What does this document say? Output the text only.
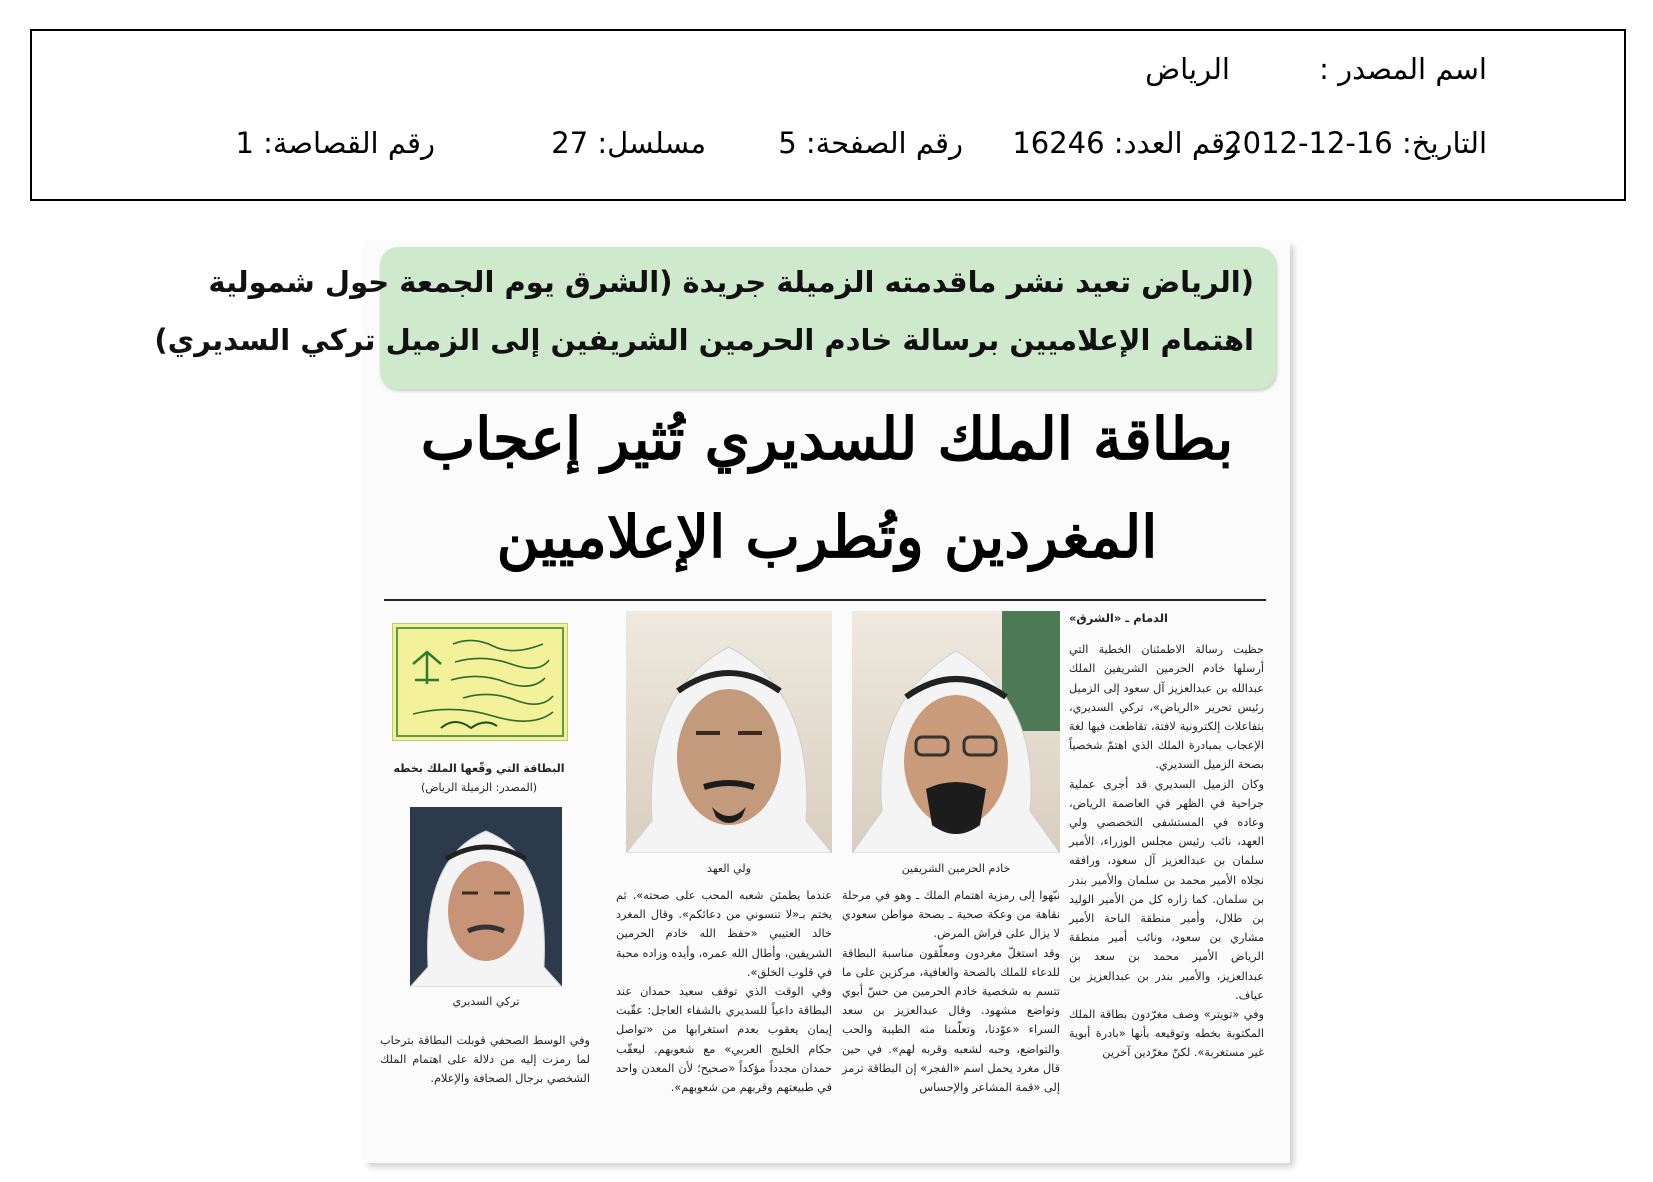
اسم المصدر :
الرياض
التاريخ: 16-12-2012
رقم العدد: 16246
رقم الصفحة: 5
مسلسل: 27
رقم القصاصة: 1
(الرياض تعيد نشر ماقدمته الزميلة جريدة (الشرق يوم الجمعة حول شمولية
اهتمام الإعلاميين برسالة خادم الحرمين الشريفين إلى الزميل تركي السديري)
بطاقة الملك للسديري تُثير إعجاب
المغردين وتُطرب الإعلاميين

الدمام ـ «الشرق»

حظيت رسالة الاطمئنان الخطية التي أرسلها خادم الحرمين الشريفين الملك عبدالله بن عبدالعزيز آل سعود إلى الزميل رئيس تحرير «الرياض»، تركي السديري، بتفاعلات إلكترونية لافتة، تقاطعت فيها لغة الإعجاب بمبادرة الملك الذي اهتمّ شخصياً بصحة الزميل السديري.

وكان الزميل السديري قد أجرى عملية جراحية في الظهر في العاصمة الرياض، وعاده في المستشفى التخصصي ولي العهد، نائب رئيس مجلس الوزراء، الأمير سلمان بن عبدالعزيز آل سعود، ورافقه نجلاه الأمير محمد بن سلمان والأمير بندر بن سلمان. كما زاره كل من الأمير الوليد بن طلال، وأمير منطقة الباحة الأمير مشاري بن سعود، ونائب أمير منطقة الرياض الأمير محمد بن سعد بن عبدالعزيز، والأمير بندر بن عبدالعزيز بن عياف.

وفي «تويتر» وصف مغرّدون بطاقة الملك المكتوبة بخطه وتوقيعه بأنها «بادرة أبوية غير مستغربة». لكنّ مغرّدين آخرين

خادم الحرمين الشريفين
ولي العهد

نبّهوا إلى رمزية اهتمام الملك ـ وهو في مرحلة نقاهة من وعكة صحية ـ بصحة مواطن سعودي لا يزال على فراش المرض.

وقد استغلّ مغردون ومعلّقون مناسبة البطاقة للدعاء للملك بالصحة والعافية، مركزين على ما تتسم به شخصية خادم الحرمين من حسّ أبوي وتواضع مشهود. وقال عبدالعزيز بن سعد السراء «عوّدنا، وتعلّمنا منه الطيبة والحب والتواضع، وحبه لشعبه وقربه لهم». في حين قال مغرد يحمل اسم «الفجر» إن البطاقة ترمز إلى «قمة المشاعر والإحساس

عندما يطمئن شعبه المحب على صحته». ثم يختم بـ«لا تنسوني من دعائكم». وقال المغرد خالد العتيبي «حفظ الله خادم الحرمين الشريفين، وأطال الله عمره، وأيده وزاده محبة في قلوب الخلق».

وفي الوقت الذي توقف سعيد حمدان عند البطاقة داعياً للسديري بالشفاء العاجل: عقّبت إيمان يعقوب بعدم استغرابها من «تواصل حكام الخليج العربي» مع شعوبهم. ليعقّب حمدان مجدداً مؤكداً «صحيح؛ لأن المعدن واحد في طبيعتهم وقربهم من شعوبهم».

البطاقة التي وقّعها الملك بخطه
(المصدر: الزميلة الرياض)
تركي السديري

وفي الوسط الصحفي قوبلت البطاقة بترحاب لما رمزت إليه من دلالة على اهتمام الملك الشخصي برجال الصحافة والإعلام.
